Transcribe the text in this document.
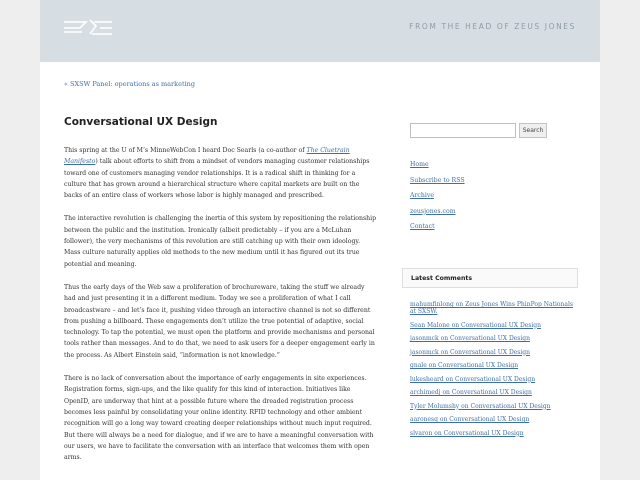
FROM THE HEAD OF ZEUS JONES
« SXSW Panel: operations as marketing
Conversational UX Design

This spring at the U of M’s MinneWebCon I heard Doc Searls (a co-author of The Cluetrain Manifesto) talk about efforts to shift from a mindset of vendors managing customer relationships toward one of customers managing vendor relationships. It is a radical shift in thinking for a culture that has grown around a hierarchical structure where capital markets are built on the backs of an entire class of workers whose labor is highly managed and prescribed.

The interactive revolution is challenging the inertia of this system by repositioning the relationship between the public and the institution. Ironically (albeit predictably – if you are a McLuhan follower), the very mechanisms of this revolution are still catching up with their own ideology. Mass culture naturally applies old methods to the new medium until it has figured out its true potential and meaning.

Thus the early days of the Web saw a proliferation of brochureware, taking the stuff we already had and just presenting it in a different medium. Today we see a proliferation of what I call broadcastware – and let’s face it, pushing video through an interactive channel is not so different from pushing a billboard. These engagements don’t utilize the true potential of adaptive, social technology. To tap the potential, we must open the platform and provide mechanisms and personal tools rather than messages. And to do that, we need to ask users for a deeper engagement early in the process. As Albert Einstein said, “information is not knowledge.”

There is no lack of conversation about the importance of early engagements in site experiences. Registration forms, sign-ups, and the like qualify for this kind of interaction. Initiatives like OpenID, are underway that hint at a possible future where the dreaded registration process becomes less painful by consolidating your online identity. RFID technology and other ambient recognition will go a long way toward creating deeper relationships without much input required. But there will always be a need for dialogue, and if we are to have a meaningful conversation with our users, we have to facilitate the conversation with an interface that welcomes them with open arms.

Search
Home
Subscribe to RSS
Archive
zeusjones.com
Contact
Latest Comments
mahumfinlong on Zeus Jones Wins PhinPop Nationals at SXSW.
Sean Malone on Conversational UX Design
jasonmck on Conversational UX Design
jasonmck on Conversational UX Design
gnale on Conversational UX Design
lukesheard on Conversational UX Design
archimedj on Conversational UX Design
Tyler Molumshy on Conversational UX Design
aaronesq on Conversational UX Design
slvaron on Conversational UX Design
